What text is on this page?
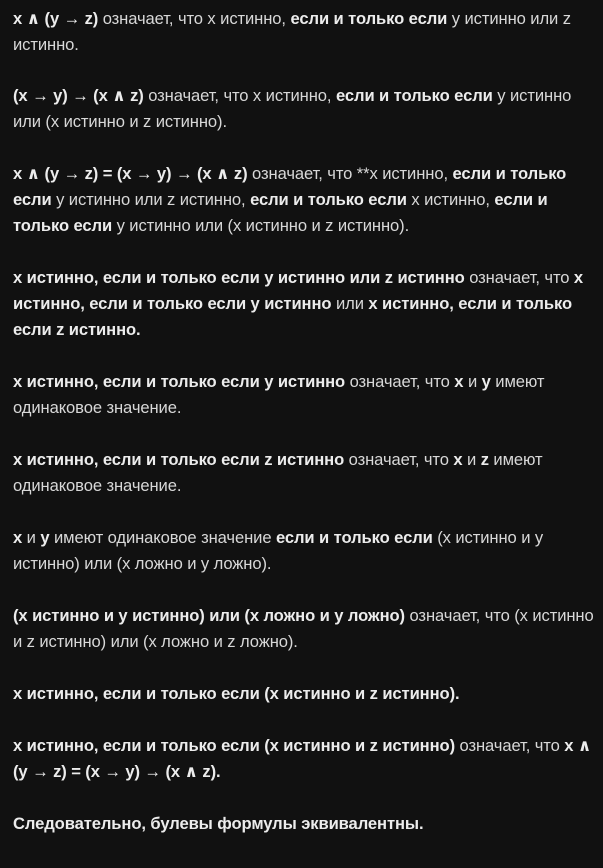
x ∧ (y → z) означает, что x истинно, если и только если y истинно или z истинно.

(x → y) → (x ∧ z) означает, что x истинно, если и только если y истинно или (x истинно и z истинно).

x ∧ (y → z) = (x → y) → (x ∧ z) означает, что **x истинно, если и только если y истинно или z истинно, если и только если x истинно, если и только если y истинно или (x истинно и z истинно).

x истинно, если и только если y истинно или z истинно означает, что x истинно, если и только если y истинно или x истинно, если и только если z истинно.

x истинно, если и только если y истинно означает, что x и y имеют одинаковое значение.

x истинно, если и только если z истинно означает, что x и z имеют одинаковое значение.

x и y имеют одинаковое значение если и только если (x истинно и y истинно) или (x ложно и y ложно).

(x истинно и y истинно) или (x ложно и y ложно) означает, что (x истинно и z истинно) или (x ложно и z ложно).

x истинно, если и только если (x истинно и z истинно).

x истинно, если и только если (x истинно и z истинно) означает, что x ∧ (y → z) = (x → y) → (x ∧ z).

Следовательно, булевы формулы эквивалентны.
